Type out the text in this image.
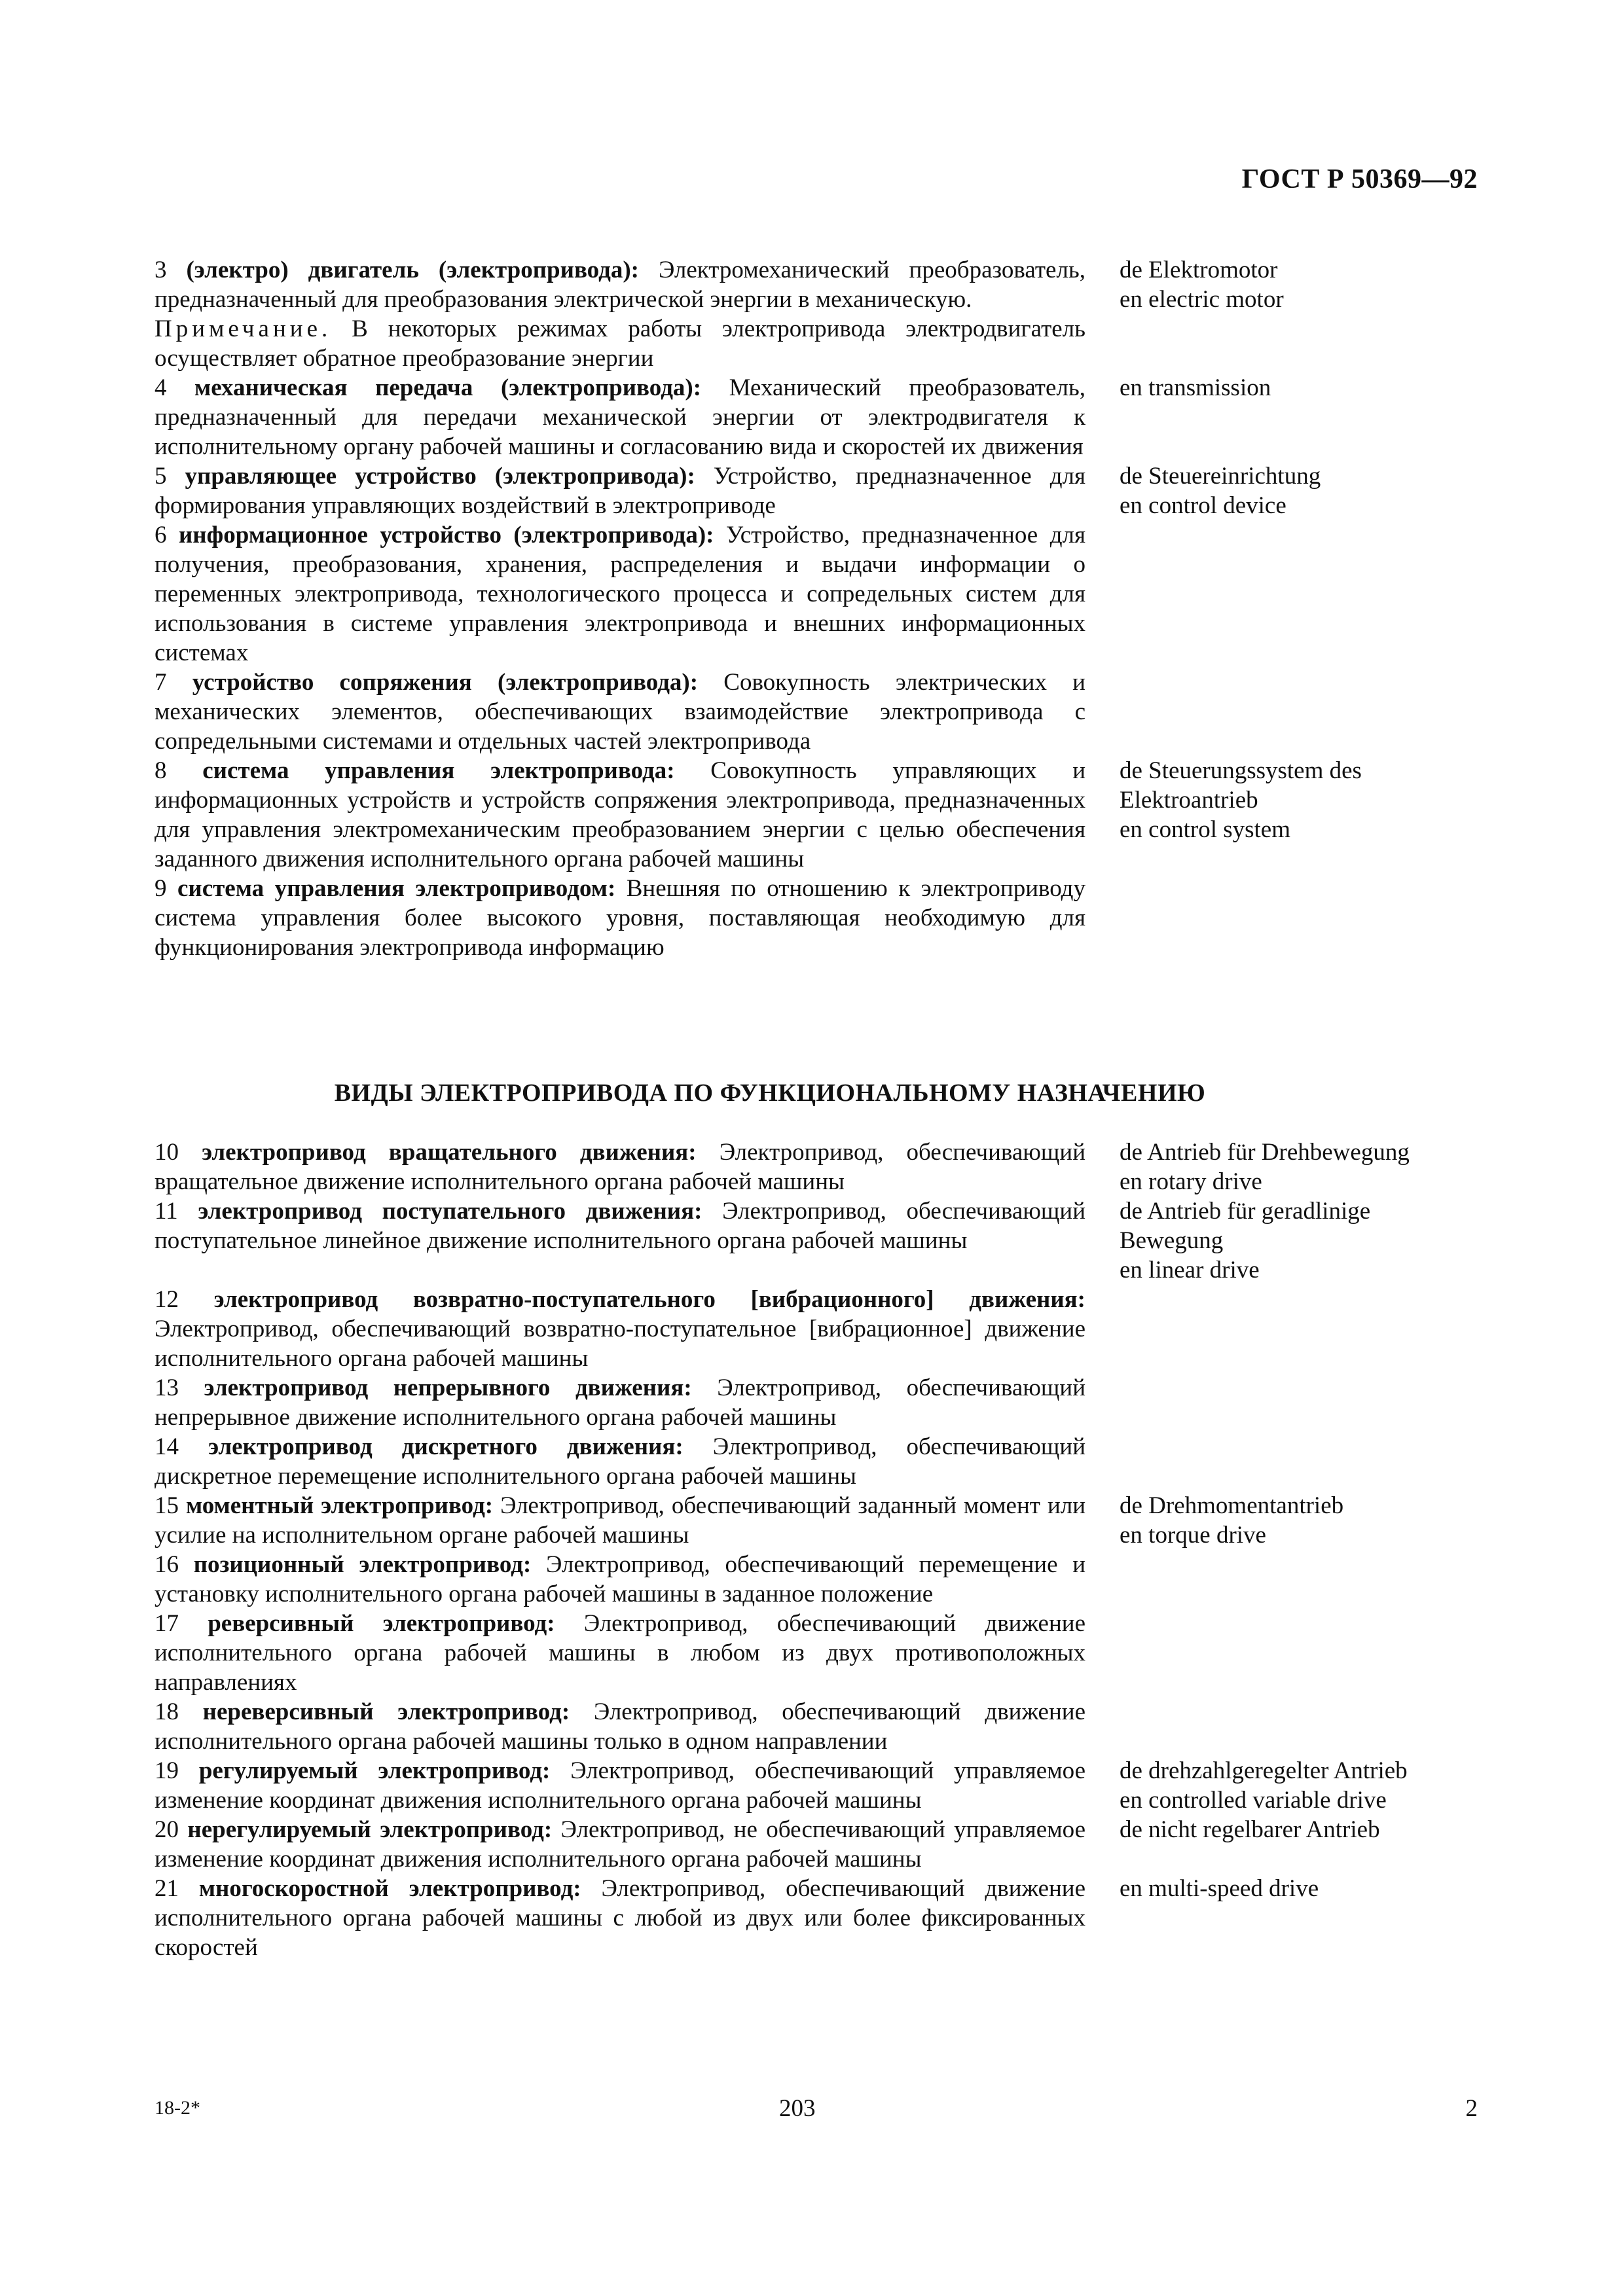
ГОСТ Р 50369—92
3 (электро) двигатель (электропривода): Электромеханический преобразователь, предназначенный для преобразования электрической энергии в механическую.
Примечание. В некоторых режимах работы электропривода электродвигатель осуществляет обратное преобразование энергии
de Elektromotor
en electric motor
4 механическая передача (электропривода): Механический преобразователь, предназначенный для передачи механической энергии от электродвигателя к исполнительному органу рабочей машины и согласованию вида и скоростей их движения
en transmission
5 управляющее устройство (электропривода): Устройство, предназначенное для формирования управляющих воздействий в электроприводе
de Steuereinrichtung
en control device
6 информационное устройство (электропривода): Устройство, предназначенное для получения, преобразования, хранения, распределения и выдачи информации о переменных электропривода, технологического процесса и сопредельных систем для использования в системе управления электропривода и внешних информационных системах
7 устройство сопряжения (электропривода): Совокупность электрических и механических элементов, обеспечивающих взаимодействие электропривода с сопредельными системами и отдельных частей электропривода
8 система управления электропривода: Совокупность управляющих и информационных устройств и устройств сопряжения электропривода, предназначенных для управления электромеханическим преобразованием энергии с целью обеспечения заданного движения исполнительного органа рабочей машины
de Steuerungssystem des
Elektroantrieb
en control system
9 система управления электроприводом: Внешняя по отношению к электроприводу система управления более высокого уровня, поставляющая необходимую для функционирования электропривода информацию
ВИДЫ ЭЛЕКТРОПРИВОДА ПО ФУНКЦИОНАЛЬНОМУ НАЗНАЧЕНИЮ
10 электропривод вращательного движения: Электропривод, обеспечивающий вращательное движение исполнительного органа рабочей машины
de Antrieb für Drehbewegung
en rotary drive
11 электропривод поступательного движения: Электропривод, обеспечивающий поступательное линейное движение исполнительного органа рабочей машины
de Antrieb für geradlinige
Bewegung
en linear drive
12 электропривод возвратно-поступательного [вибрационного] движения: Электропривод, обеспечивающий возвратно-поступательное [вибрационное] движение исполнительного органа рабочей машины
13 электропривод непрерывного движения: Электропривод, обеспечивающий непрерывное движение исполнительного органа рабочей машины
14 электропривод дискретного движения: Электропривод, обеспечивающий дискретное перемещение исполнительного органа рабочей машины
15 моментный электропривод: Электропривод, обеспечивающий заданный момент или усилие на исполнительном органе рабочей машины
de Drehmomentantrieb
en torque drive
16 позиционный электропривод: Электропривод, обеспечивающий перемещение и установку исполнительного органа рабочей машины в заданное положение
17 реверсивный электропривод: Электропривод, обеспечивающий движение исполнительного органа рабочей машины в любом из двух противоположных направлениях
18 нереверсивный электропривод: Электропривод, обеспечивающий движение исполнительного органа рабочей машины только в одном направлении
19 регулируемый электропривод: Электропривод, обеспечивающий управляемое изменение координат движения исполнительного органа рабочей машины
de drehzahlgeregelter Antrieb
en controlled variable drive
20 нерегулируемый электропривод: Электропривод, не обеспечивающий управляемое изменение координат движения исполнительного органа рабочей машины
de nicht regelbarer Antrieb
21 многоскоростной электропривод: Электропривод, обеспечивающий движение исполнительного органа рабочей машины с любой из двух или более фиксированных скоростей
en multi-speed drive
18-2*	203	2
